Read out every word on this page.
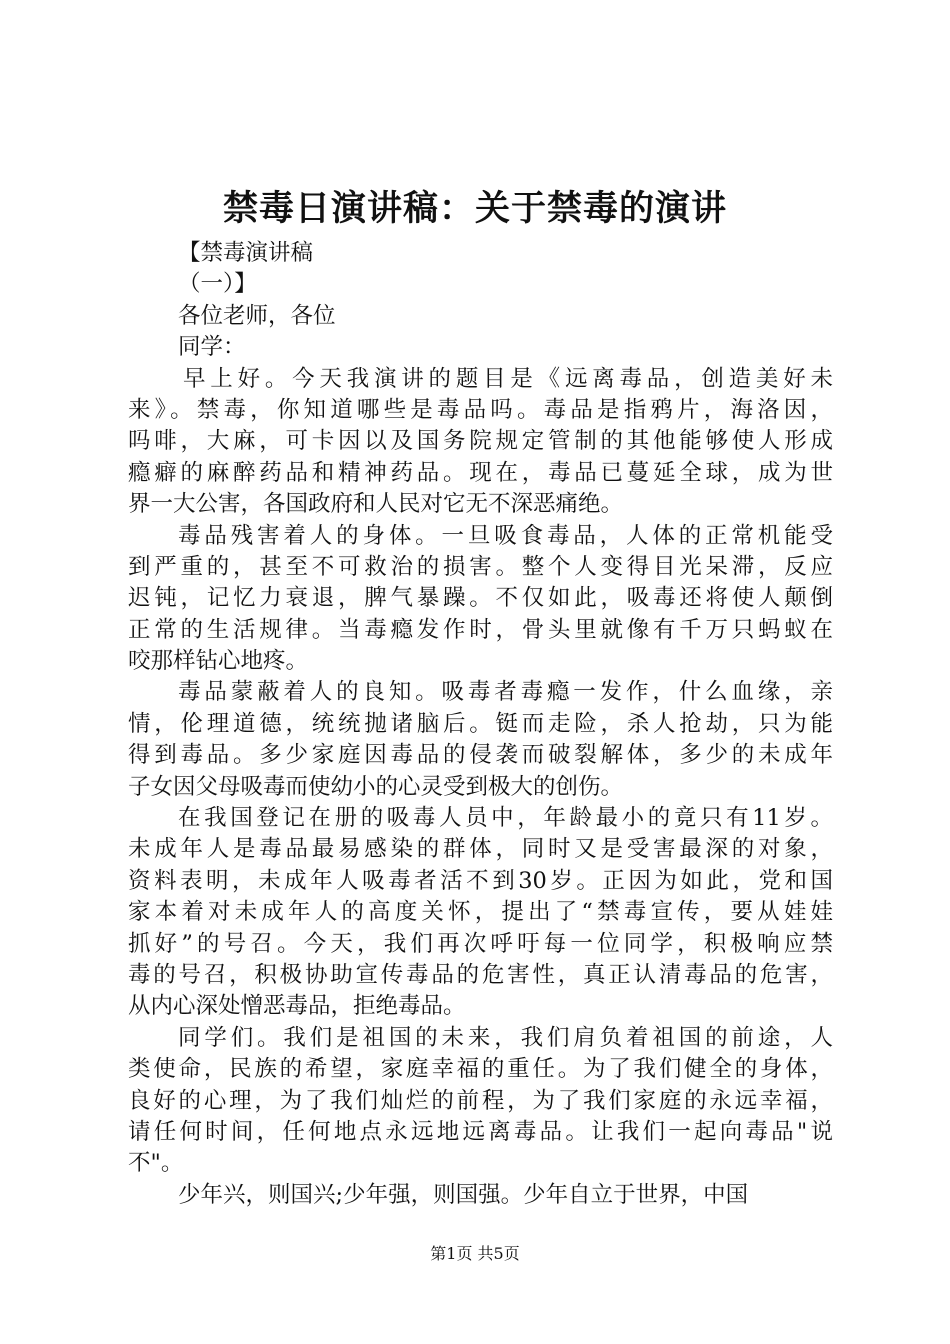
禁毒日演讲稿：关于禁毒的演讲
【禁毒演讲稿
（一）】
各位老师，各位
同学：
早上好。今天我演讲的题目是《远离毒品，创造美好未
来》。禁毒，你知道哪些是毒品吗。毒品是指鸦片，海洛因，
吗啡，大麻，可卡因以及国务院规定管制的其他能够使人形成
瘾癖的麻醉药品和精神药品。现在，毒品已蔓延全球，成为世
界一大公害，各国政府和人民对它无不深恶痛绝。
毒品残害着人的身体。一旦吸食毒品，人体的正常机能受
到严重的，甚至不可救治的损害。整个人变得目光呆滞，反应
迟钝，记忆力衰退，脾气暴躁。不仅如此，吸毒还将使人颠倒
正常的生活规律。当毒瘾发作时，骨头里就像有千万只蚂蚁在
咬那样钻心地疼。
毒品蒙蔽着人的良知。吸毒者毒瘾一发作，什么血缘，亲
情，伦理道德，统统抛诸脑后。铤而走险，杀人抢劫，只为能
得到毒品。多少家庭因毒品的侵袭而破裂解体，多少的未成年
子女因父母吸毒而使幼小的心灵受到极大的创伤。
在我国登记在册的吸毒人员中，年龄最小的竟只有11岁。
未成年人是毒品最易感染的群体，同时又是受害最深的对象，
资料表明，未成年人吸毒者活不到30岁。正因为如此，党和国
家本着对未成年人的高度关怀，提出了“禁毒宣传，要从娃娃
抓好”的号召。今天，我们再次呼吁每一位同学，积极响应禁
毒的号召，积极协助宣传毒品的危害性，真正认清毒品的危害，
从内心深处憎恶毒品，拒绝毒品。
同学们。我们是祖国的未来，我们肩负着祖国的前途，人
类使命，民族的希望，家庭幸福的重任。为了我们健全的身体，
良好的心理，为了我们灿烂的前程，为了我们家庭的永远幸福，
请任何时间，任何地点永远地远离毒品。让我们一起向毒品"说
不"。
少年兴，则国兴;少年强，则国强。少年自立于世界，中国
第1页 共5页
